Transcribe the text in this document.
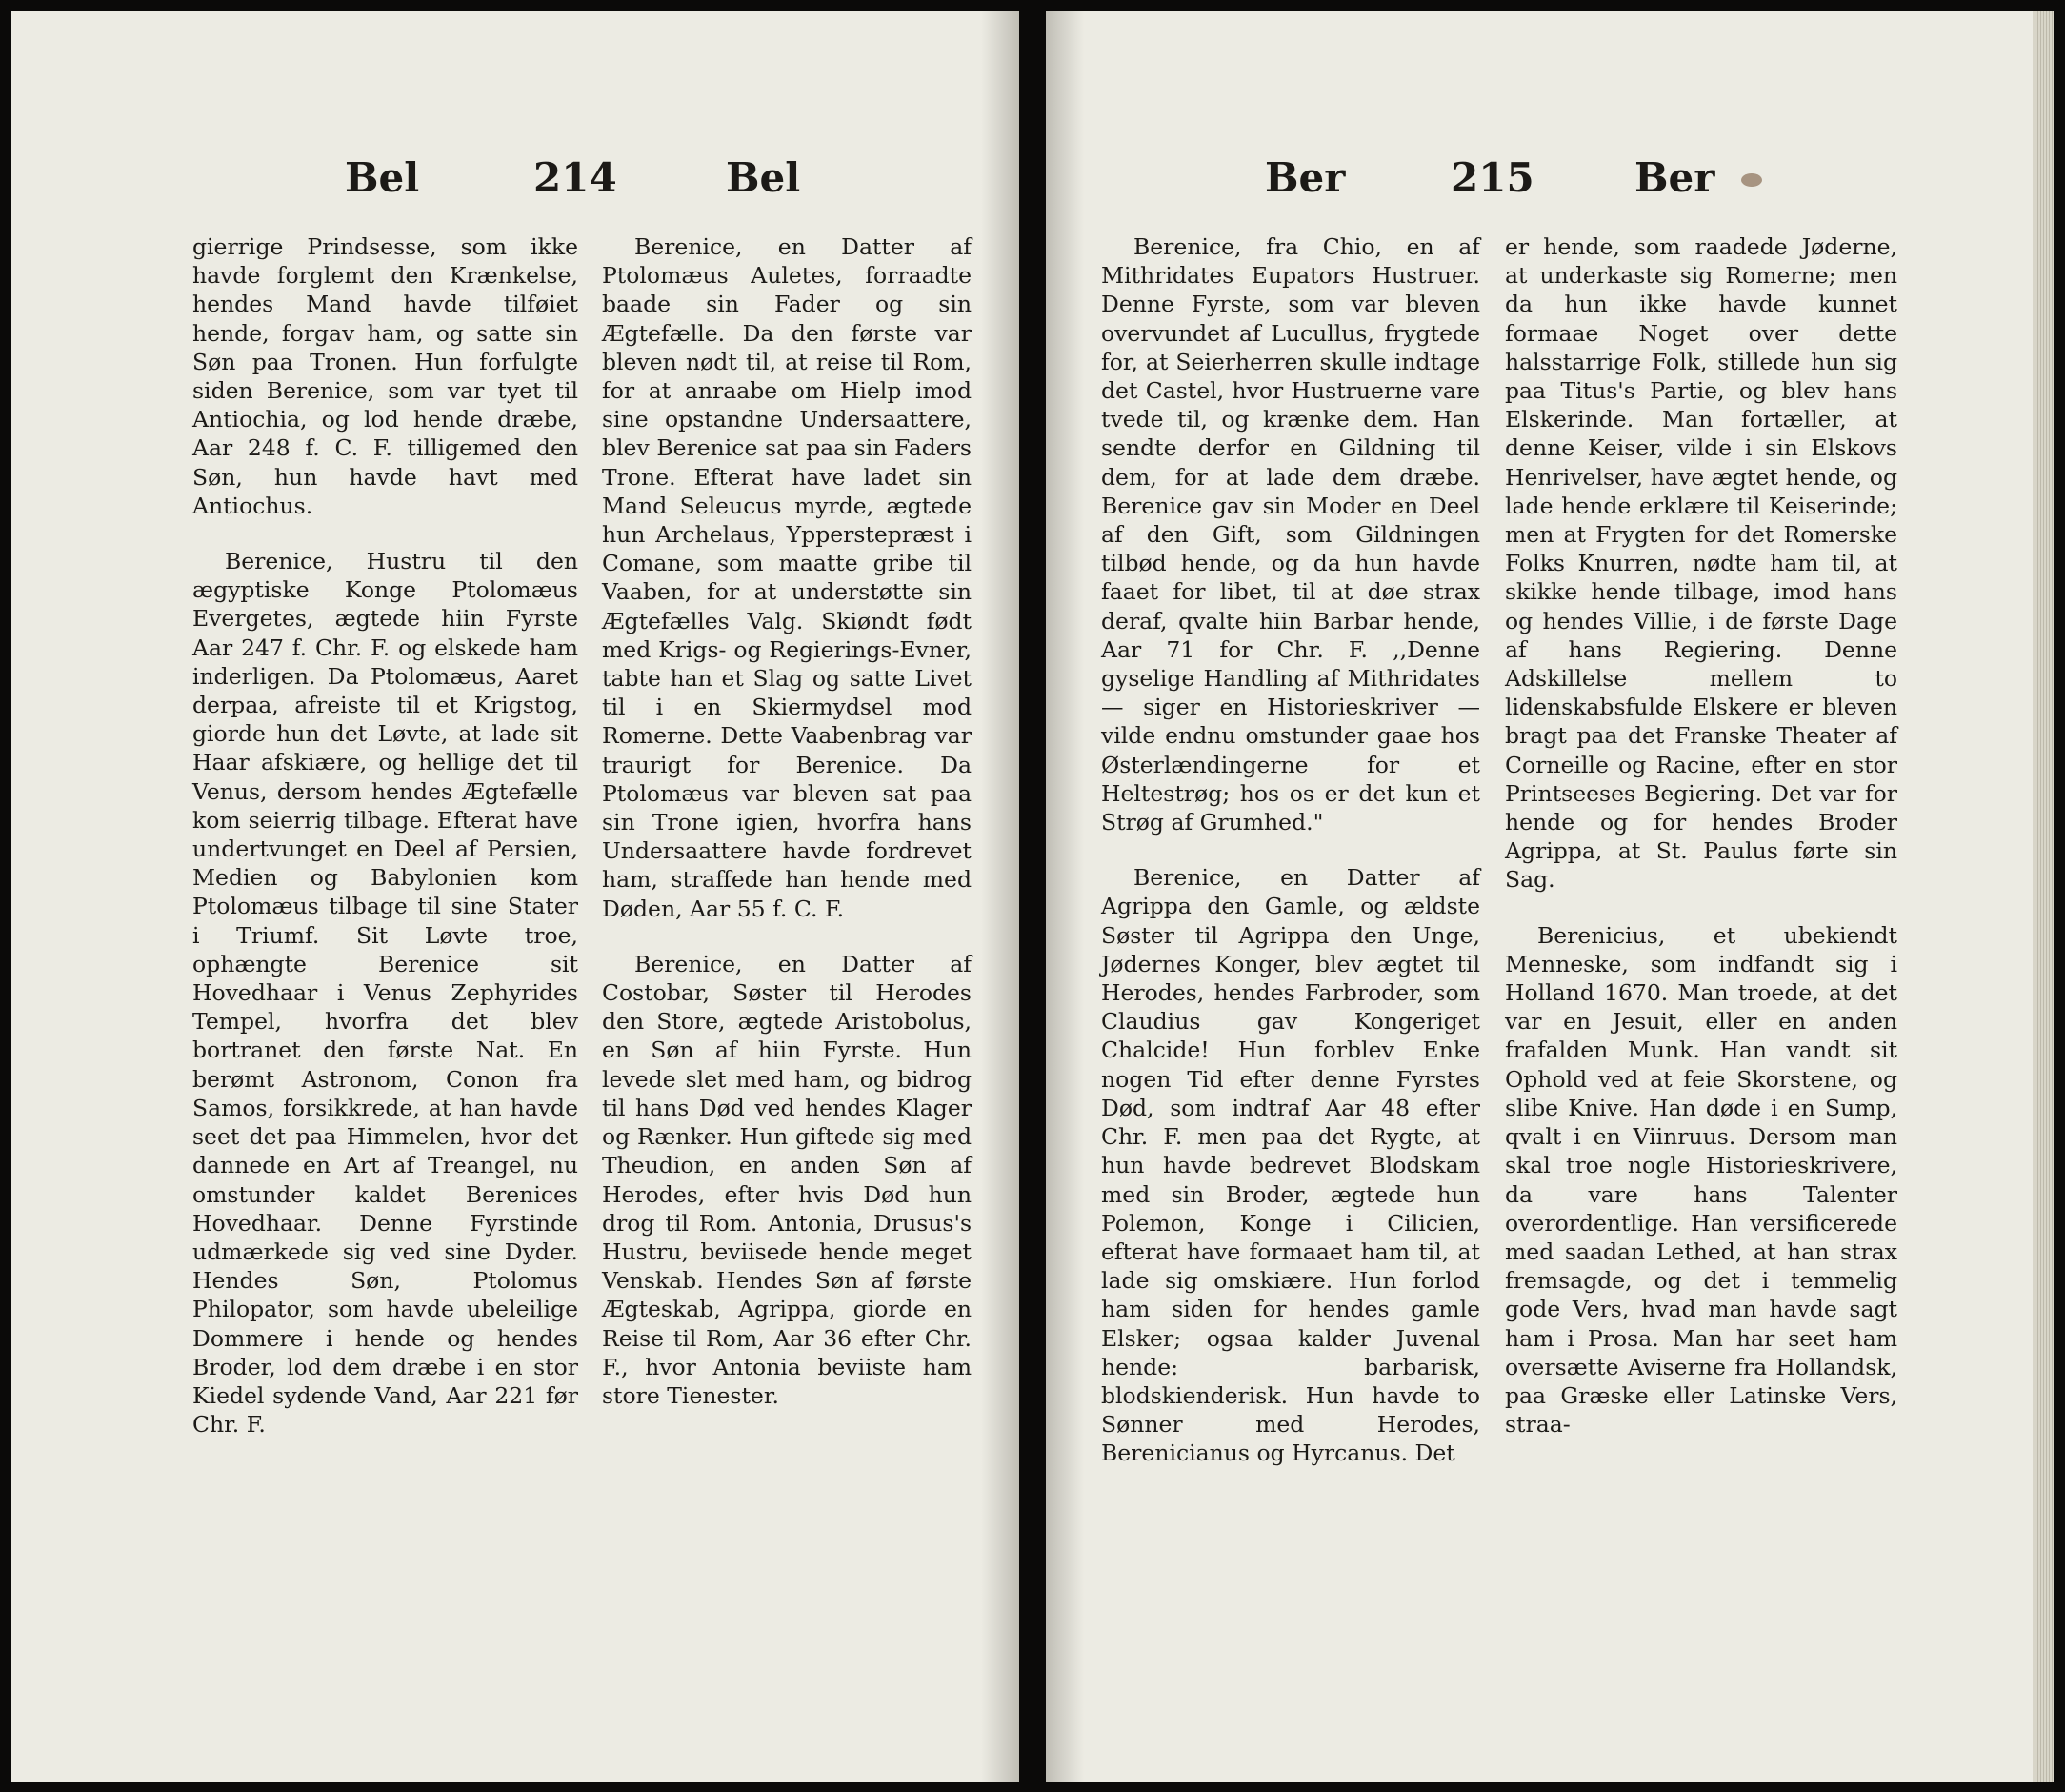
Bel	214	Bel

gierrige Prindsesse, som ikke havde forglemt den Krænkelse, hendes Mand havde tilføiet hende, forgav ham, og satte sin Søn paa Tronen. Hun forfulgte siden Berenice, som var tyet til Antiochia, og lod hende dræbe, Aar 248 f. C. F. tilligemed den Søn, hun havde havt med Antiochus.

Berenice, Hustru til den ægyptiske Konge Ptolomæus Evergetes, ægtede hiin Fyrste Aar 247 f. Chr. F. og elskede ham inderligen. Da Ptolomæus, Aaret derpaa, afreiste til et Krigstog, giorde hun det Løvte, at lade sit Haar afskiære, og hellige det til Venus, dersom hendes Ægtefælle kom seierrig tilbage. Efterat have undertvunget en Deel af Persien, Medien og Babylonien kom Ptolomæus tilbage til sine Stater i Triumf. Sit Løvte troe, ophængte Berenice sit Hovedhaar i Venus Zephyrides Tempel, hvorfra det blev bortranet den første Nat. En berømt Astronom, Conon fra Samos, forsikkrede, at han havde seet det paa Himmelen, hvor det dannede en Art af Treangel, nu omstunder kaldet Berenices Hovedhaar. Denne Fyrstinde udmærkede sig ved sine Dyder. Hendes Søn, Ptolomus Philopator, som havde ubeleilige Dommere i hende og hendes Broder, lod dem dræbe i en stor Kiedel sydende Vand, Aar 221 før Chr. F.

Berenice, en Datter af Ptolomæus Auletes, forraadte baade sin Fader og sin Ægtefælle. Da den første var bleven nødt til, at reise til Rom, for at anraabe om Hielp imod sine opstandne Undersaattere, blev Berenice sat paa sin Faders Trone. Efterat have ladet sin Mand Seleucus myrde, ægtede hun Archelaus, Ypperstepræst i Comane, som maatte gribe til Vaaben, for at understøtte sin Ægtefælles Valg. Skiøndt født med Krigs- og Regierings-Evner, tabte han et Slag og satte Livet til i en Skiermydsel mod Romerne. Dette Vaabenbrag var traurigt for Berenice. Da Ptolomæus var bleven sat paa sin Trone igien, hvorfra hans Undersaattere havde fordrevet ham, straffede han hende med Døden, Aar 55 f. C. F.

Berenice, en Datter af Costobar, Søster til Herodes den Store, ægtede Aristobolus, en Søn af hiin Fyrste. Hun levede slet med ham, og bidrog til hans Død ved hendes Klager og Rænker. Hun giftede sig med Theudion, en anden Søn af Herodes, efter hvis Død hun drog til Rom. Antonia, Drusus's Hustru, beviisede hende meget Venskab. Hendes Søn af første Ægteskab, Agrippa, giorde en Reise til Rom, Aar 36 efter Chr. F., hvor Antonia beviiste ham store Tienester.

Ber	215	Ber

Berenice, fra Chio, en af Mithridates Eupators Hustruer. Denne Fyrste, som var bleven overvundet af Lucullus, frygtede for, at Seierherren skulle indtage det Castel, hvor Hustruerne vare tvede til, og krænke dem. Han sendte derfor en Gildning til dem, for at lade dem dræbe. Berenice gav sin Moder en Deel af den Gift, som Gildningen tilbød hende, og da hun havde faaet for libet, til at døe strax deraf, qvalte hiin Barbar hende, Aar 71 for Chr. F. ,,Denne gyselige Handling af Mithridates — siger en Historieskriver — vilde endnu omstunder gaae hos Østerlændingerne for et Heltestrøg; hos os er det kun et Strøg af Grumhed."

Berenice, en Datter af Agrippa den Gamle, og ældste Søster til Agrippa den Unge, Jødernes Konger, blev ægtet til Herodes, hendes Farbroder, som Claudius gav Kongeriget Chalcide! Hun forblev Enke nogen Tid efter denne Fyrstes Død, som indtraf Aar 48 efter Chr. F. men paa det Rygte, at hun havde bedrevet Blodskam med sin Broder, ægtede hun Polemon, Konge i Cilicien, efterat have formaaet ham til, at lade sig omskiære. Hun forlod ham siden for hendes gamle Elsker; ogsaa kalder Juvenal hende: barbarisk, blodskienderisk. Hun havde to Sønner med Herodes, Berenicianus og Hyrcanus. Det

er hende, som raadede Jøderne, at underkaste sig Romerne; men da hun ikke havde kunnet formaae Noget over dette halsstarrige Folk, stillede hun sig paa Titus's Partie, og blev hans Elskerinde. Man fortæller, at denne Keiser, vilde i sin Elskovs Henrivelser, have ægtet hende, og lade hende erklære til Keiserinde; men at Frygten for det Romerske Folks Knurren, nødte ham til, at skikke hende tilbage, imod hans og hendes Villie, i de første Dage af hans Regiering. Denne Adskillelse mellem to lidenskabsfulde Elskere er bleven bragt paa det Franske Theater af Corneille og Racine, efter en stor Printseeses Begiering. Det var for hende og for hendes Broder Agrippa, at St. Paulus førte sin Sag.

Berenicius, et ubekiendt Menneske, som indfandt sig i Holland 1670. Man troede, at det var en Jesuit, eller en anden frafalden Munk. Han vandt sit Ophold ved at feie Skorstene, og slibe Knive. Han døde i en Sump, qvalt i en Viinruus. Dersom man skal troe nogle Historieskrivere, da vare hans Talenter overordentlige. Han versificerede med saadan Lethed, at han strax fremsagde, og det i temmelig gode Vers, hvad man havde sagt ham i Prosa. Man har seet ham oversætte Aviserne fra Hollandsk, paa Græske eller Latinske Vers, straa-
